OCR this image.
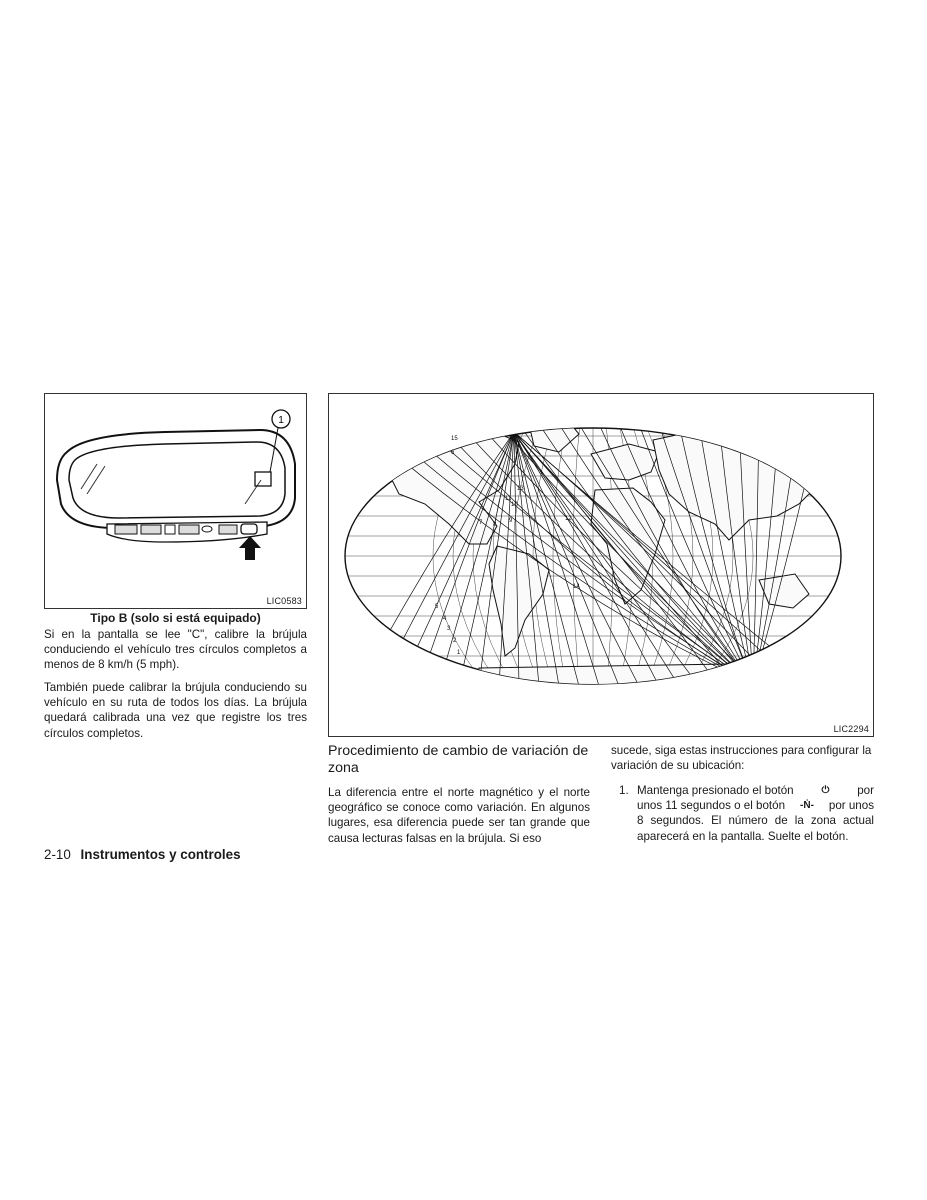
1
LIC0583
Tipo B (solo si está equipado)
Si en la pantalla se lee "C", calibre la brújula conduciendo el vehículo tres círculos completos a menos de 8 km/h (5 mph).
También puede calibrar la brújula conduciendo su vehículo en su ruta de todos los días. La brújula quedará calibrada una vez que registre los tres círculos completos.
1
2
3
4
5
6
7 8
9
10
11
12
13
14
15
LIC2294
Procedimiento de cambio de variación de zona
La diferencia entre el norte magnético y el norte geográfico se conoce como variación. En algunos lugares, esa diferencia puede ser tan grande que causa lecturas falsas en la brújula. Si eso
sucede, siga estas instrucciones para configurar la variación de su ubicación:
1. Mantenga presionado el botón	⏻ por
unos 11 segundos o el botón -Ṅ- por unos
8 segundos. El número de la zona actual aparecerá en la pantalla. Suelte el botón.
2-10 Instrumentos y controles
